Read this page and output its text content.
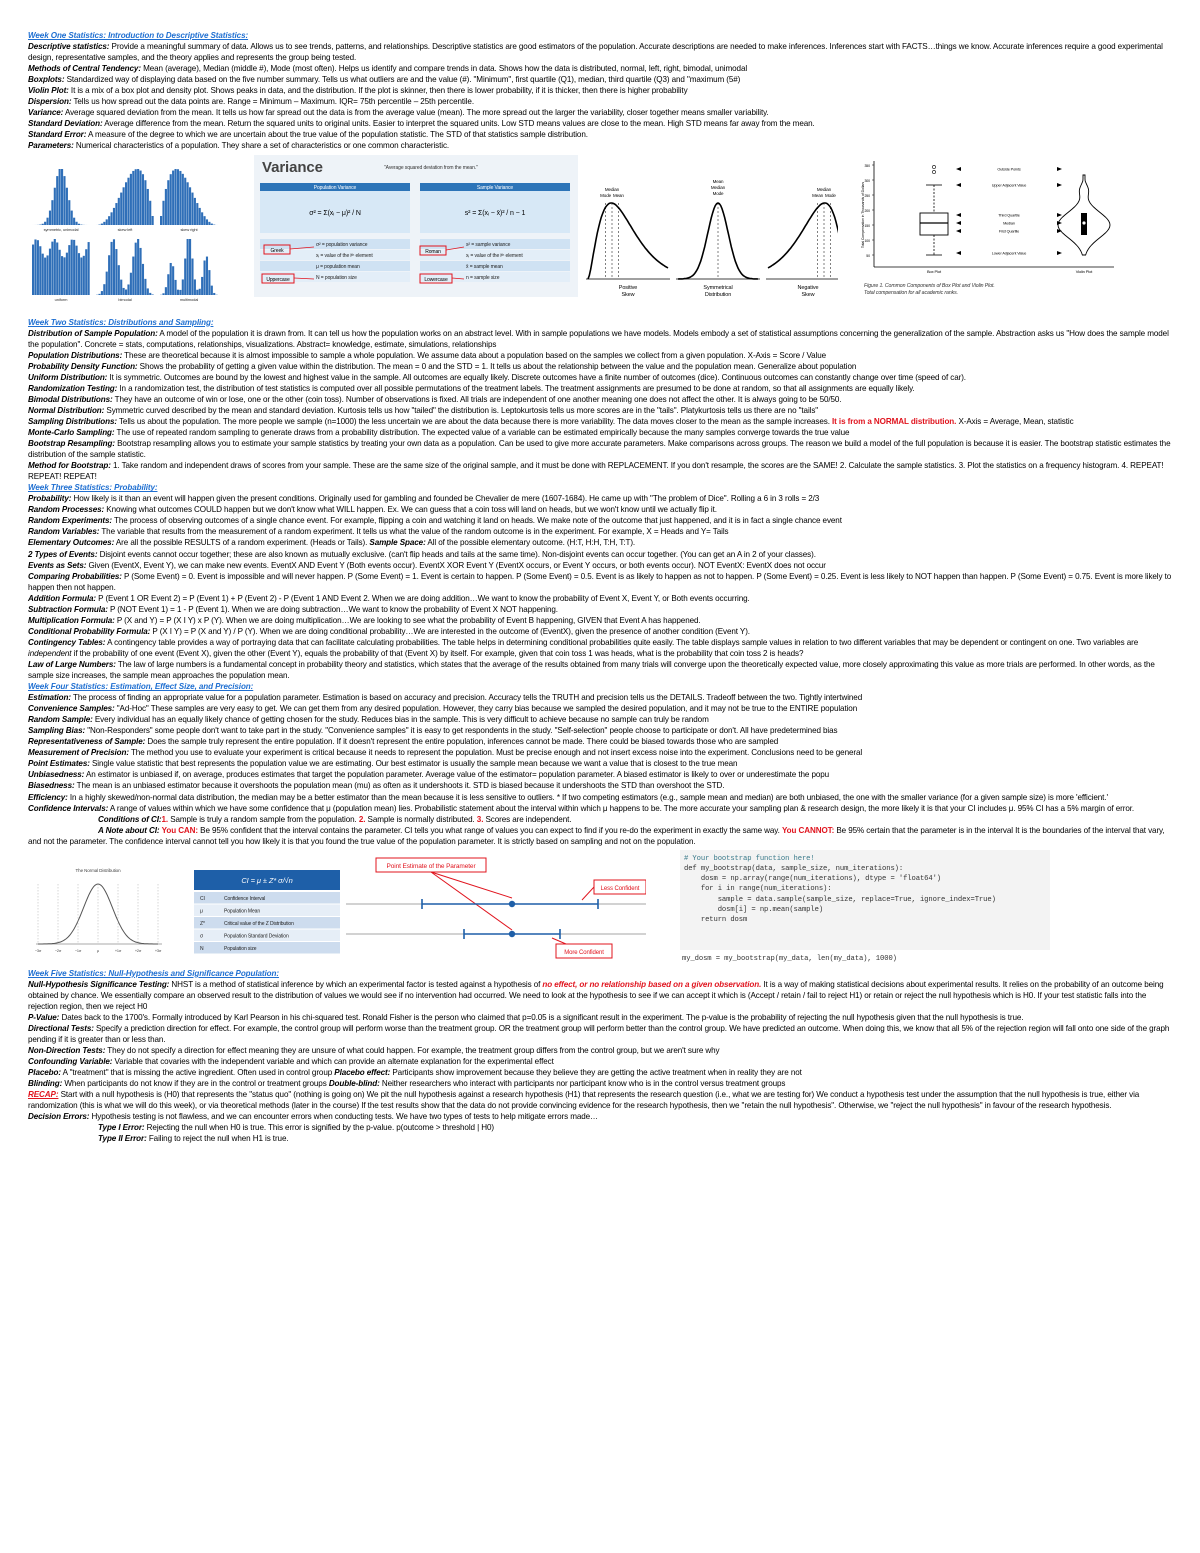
Week One Statistics: Introduction to Descriptive Statistics:
Descriptive statistics: Provide a meaningful summary of data. Allows us to see trends, patterns, and relationships. Descriptive statistics are good estimators of the population. Accurate descriptions are needed to make inferences. Inferences start with FACTS…things we know. Accurate inferences require a good experimental design, representative samples, and the theory applies and represents the group being tested.
Methods of Central Tendency: Mean (average), Median (middle #), Mode (most often). Helps us identify and compare trends in data. Shows how the data is distributed, normal, left, right, bimodal, unimodal
Boxplots: Standardized way of displaying data based on the five number summary. Tells us what outliers are and the value (#). "Minimum", first quartile (Q1), median, third quartile (Q3) and "maximum (5#)
Violin Plot: It is a mix of a box plot and density plot. Shows peaks in data, and the distribution. If the plot is skinner, then there is lower probability, if it is thicker, then there is higher probability
Dispersion: Tells us how spread out the data points are. Range = Minimum – Maximum. IQR= 75th percentile – 25th percentile.
Variance: Average squared deviation from the mean. It tells us how far spread out the data is from the average value (mean). The more spread out the larger the variability, closer together means smaller variability.
Standard Deviation: Average difference from the mean. Return the squared units to original units. Easier to interpret the squared units. Low STD means values are close to the mean. High STD means far away from the mean.
Standard Error: A measure of the degree to which we are uncertain about the true value of the population statistic. The STD of that statistics sample distribution.
Parameters: Numerical characteristics of a population. They share a set of characteristics or one common characteristic.
symmetric, unimodal	skew left	skew right
uniform	bimodal	multimodal
Variance	"Average squared deviation from the mean."
Population Variance	Sample Variance
σ² = Σ(xᵢ − μ)² / N	s² = Σ(xᵢ − x̄)² / n − 1
σ² = population variance	s² = sample variance
xᵢ = value of the iᵗʰ element	xᵢ = value of the iᵗʰ element
μ = population mean	x̄ = sample mean
N = population size	n = sample size
Greek
Uppercase
Roman
Lowercase
Positive
Skew
Mode
Median
Mean
Symmetrical
Distribution
Mean
Median
Mode
Negative
Skew
Mean
Median
Mode	Total Compensation in Thousands of Dollars
350
300
250
200
150
100
50
Outside Points
Upper Adjacent Value
Third Quartile
Median
First Quartile
Lower Adjacent Value
Box Plot	Violin Plot
Figure 1. Common Components of Box Plot and Violin Plot.
Total compensation for all academic ranks.
Week Two Statistics: Distributions and Sampling:
Distribution of Sample Population: A model of the population it is drawn from. It can tell us how the population works on an abstract level. With in sample populations we have models. Models embody a set of statistical assumptions concerning the generalization of the sample. Abstraction asks us "How does the sample model the population". Concrete = stats, computations, relationships, visualizations. Abstract= knowledge, estimate, simulations, relationships
Population Distributions: These are theoretical because it is almost impossible to sample a whole population. We assume data about a population based on the samples we collect from a given population. X-Axis = Score / Value
Probability Density Function: Shows the probability of getting a given value within the distribution. The mean = 0 and the STD = 1. It tells us about the relationship between the value and the population mean. Generalize about population
Uniform Distribution: It is symmetric. Outcomes are bound by the lowest and highest value in the sample. All outcomes are equally likely. Discrete outcomes have a finite number of outcomes (dice). Continuous outcomes can constantly change over time (speed of car).
Randomization Testing: In a randomization test, the distribution of test statistics is computed over all possible permutations of the treatment labels. The treatment assignments are presumed to be done at random, so that all assignments are equally likely.
Bimodal Distributions: They have an outcome of win or lose, one or the other (coin toss). Number of observations is fixed. All trials are independent of one another meaning one does not affect the other. It is always going to be 50/50.
Normal Distribution: Symmetric curved described by the mean and standard deviation. Kurtosis tells us how "tailed" the distribution is. Leptokurtosis tells us more scores are in the "tails". Platykurtosis tells us there are no "tails"
Sampling Distributions: Tells us about the population. The more people we sample (n=1000) the less uncertain we are about the data because there is more variability. The data moves closer to the mean as the sample increases. It is from a NORMAL distribution. X-Axis = Average, Mean, statistic
Monte-Carlo Sampling: The use of repeated random sampling to generate draws from a probability distribution. The expected value of a variable can be estimated empirically because the many samples converge towards the true value
Bootstrap Resampling: Bootstrap resampling allows you to estimate your sample statistics by treating your own data as a population. Can be used to give more accurate parameters. Make comparisons across groups. The reason we build a model of the full population is because it is easier. The bootstrap statistic estimates the distribution of the sample statistic.
Method for Bootstrap: 1. Take random and independent draws of scores from your sample. These are the same size of the original sample, and it must be done with REPLACEMENT. If you don't resample, the scores are the SAME! 2. Calculate the sample statistics. 3. Plot the statistics on a frequency histogram. 4. REPEAT! REPEAT! REPEAT!
Week Three Statistics: Probability:
Probability: How likely is it than an event will happen given the present conditions. Originally used for gambling and founded be Chevalier de mere (1607-1684). He came up with "The problem of Dice". Rolling a 6 in 3 rolls = 2/3
Random Processes: Knowing what outcomes COULD happen but we don't know what WILL happen. Ex. We can guess that a coin toss will land on heads, but we won't know until we actually flip it.
Random Experiments: The process of observing outcomes of a single chance event. For example, flipping a coin and watching it land on heads. We make note of the outcome that just happened, and it is in fact a single chance event
Random Variables: The variable that results from the measurement of a random experiment. It tells us what the value of the random outcome is in the experiment. For example, X = Heads and Y= Tails
Elementary Outcomes: Are all the possible RESULTS of a random experiment. (Heads or Tails). Sample Space: All of the possible elementary outcome. (H:T, H:H, T:H, T:T).
2 Types of Events: Disjoint events cannot occur together; these are also known as mutually exclusive. (can't flip heads and tails at the same time). Non-disjoint events can occur together. (You can get an A in 2 of your classes).
Events as Sets: Given (EventX, Event Y), we can make new events. EventX AND Event Y (Both events occur). EventX XOR Event Y (EventX occurs, or Event Y occurs, or both events occur). NOT EventX: EventX does not occur
Comparing Probabilities: P (Some Event) = 0. Event is impossible and will never happen. P (Some Event) = 1. Event is certain to happen. P (Some Event) = 0.5. Event is as likely to happen as not to happen. P (Some Event) = 0.25. Event is less likely to NOT happen than happen. P (Some Event) = 0.75. Event is more likely to happen then not happen.
Addition Formula: P (Event 1 OR Event 2) = P (Event 1) + P (Event 2) - P (Event 1 AND Event 2. When we are doing addition…We want to know the probability of Event X, Event Y, or Both events occurring.
Subtraction Formula: P (NOT Event 1) = 1 - P (Event 1). When we are doing subtraction…We want to know the probability of Event X NOT happening.
Multiplication Formula: P (X and Y) = P (X I Y) x P (Y). When we are doing multiplication…We are looking to see what the probability of Event B happening, GIVEN that Event A has happened.
Conditional Probability Formula: P (X I Y) = P (X and Y) / P (Y). When we are doing conditional probability…We are interested in the outcome of (EventX), given the presence of another condition (Event Y).
Contingency Tables: A contingency table provides a way of portraying data that can facilitate calculating probabilities. The table helps in determining conditional probabilities quite easily. The table displays sample values in relation to two different variables that may be dependent or contingent on one. Two variables are independent if the probability of one event (Event X), given the other (Event Y), equals the probability of that (Event X) by itself. For example, given that coin toss 1 was heads, what is the probability that coin toss 2 is heads?
Law of Large Numbers: The law of large numbers is a fundamental concept in probability theory and statistics, which states that the average of the results obtained from many trials will converge upon the theoretically expected value, more closely approximating this value as more trials are performed. In other words, as the sample size increases, the sample mean approaches the population mean.
Week Four Statistics: Estimation, Effect Size, and Precision:
Estimation: The process of finding an appropriate value for a population parameter. Estimation is based on accuracy and precision. Accuracy tells the TRUTH and precision tells us the DETAILS. Tradeoff between the two. Tightly intertwined
Convenience Samples: "Ad-Hoc" These samples are very easy to get. We can get them from any desired population. However, they carry bias because we sampled the desired population, and it may not be true to the ENTIRE population
Random Sample: Every individual has an equally likely chance of getting chosen for the study. Reduces bias in the sample. This is very difficult to achieve because no sample can truly be random
Sampling Bias: "Non-Responders" some people don't want to take part in the study. "Convenience samples" it is easy to get respondents in the study. "Self-selection" people choose to participate or don't. All have predetermined bias
Representativeness of Sample: Does the sample truly represent the entire population. If it doesn't represent the entire population, inferences cannot be made. There could be biased towards those who are sampled
Measurement of Precision: The method you use to evaluate your experiment is critical because it needs to represent the population. Must be precise enough and not insert excess noise into the experiment. Conclusions need to be general
Point Estimates: Single value statistic that best represents the population value we are estimating. Our best estimator is usually the sample mean because we want a value that is closest to the true mean
Unbiasedness: An estimator is unbiased if, on average, produces estimates that target the population parameter. Average value of the estimator= population parameter. A biased estimator is likely to over or underestimate the popu
Biasedness: The mean is an unbiased estimator because it overshoots the population mean (mu) as often as it undershoots it. STD is biased because it undershoots the STD than overshoot the STD.
Efficiency: In a highly skewed/non-normal data distribution, the median may be a better estimator than the mean because it is less sensitive to outliers. * If two competing estimators (e.g., sample mean and median) are both unbiased, the one with the smaller variance (for a given sample size) is more 'efficient.'
Confidence Intervals: A range of values within which we have some confidence that μ (population mean) lies. Probabilistic statement about the interval within which μ happens to be. The more accurate your sampling plan & research design, the more likely it is that your CI includes μ. 95% CI has a 5% margin of error.
Conditions of CI:1. Sample is truly a random sample from the population. 2. Sample is normally distributed. 3. Scores are independent.
A Note about CI: You CAN: Be 95% confident that the interval contains the parameter. CI tells you what range of values you can expect to find if you re-do the experiment in exactly the same way. You CANNOT: Be 95% certain that the parameter is in the interval It is the boundaries of the interval that vary, and not the parameter. The confidence interval cannot tell you how likely it is that you found the true value of the population parameter. It is strictly based on sampling and not on the population.
The Normal Distribution
−3σ	−2σ	−1σ	μ	+1σ	+2σ	+3σ
CI = μ ± Z* σ/√n
CI	Confidence Interval
μ	Population Mean
Z*	Critical value of the Z Distribution
σ	Population Standard Deviation
N	Population size
Point Estimate of the Parameter
Less Confident
More Confident
# Your bootstrap function here!
def my_bootstrap(data, sample_size, num_iterations):
dosm = np.array(range(num_iterations), dtype = 'float64')
for i in range(num_iterations):
sample = data.sample(sample_size, replace=True, ignore_index=True)
dosm[i] = np.mean(sample)
return dosm
my_dosm = my_bootstrap(my_data, len(my_data), 1000)
Week Five Statistics: Null-Hypothesis and Significance Population:
Null-Hypothesis Significance Testing: NHST is a method of statistical inference by which an experimental factor is tested against a hypothesis of no effect, or no relationship based on a given observation. It is a way of making statistical decisions about experimental results. It relies on the probability of an outcome being obtained by chance. We essentially compare an observed result to the distribution of values we would see if no intervention had occurred. We need to look at the hypothesis to see if we can accept it which is (Accept / retain / fail to reject H1) or retain or reject the null hypothesis which is H0. If your test statistic falls into the rejection region, then we reject H0
P-Value: Dates back to the 1700's. Formally introduced by Karl Pearson in his chi-squared test. Ronald Fisher is the person who claimed that p=0.05 is a significant result in the experiment. The p-value is the probability of rejecting the null hypothesis given that the null hypothesis is true.
Directional Tests: Specify a prediction direction for effect. For example, the control group will perform worse than the treatment group. OR the treatment group will perform better than the control group. We have predicted an outcome. When doing this, we know that all 5% of the rejection region will fall onto one side of the graph pending if it is greater than or less than.
Non-Direction Tests: They do not specify a direction for effect meaning they are unsure of what could happen. For example, the treatment group differs from the control group, but we aren't sure why
Confounding Variable: Variable that covaries with the independent variable and which can provide an alternate explanation for the experimental effect
Placebo: A "treatment" that is missing the active ingredient. Often used in control group Placebo effect: Participants show improvement because they believe they are getting the active treatment when in reality they are not
Blinding: When participants do not know if they are in the control or treatment groups Double-blind: Neither researchers who interact with participants nor participant know who is in the control versus treatment groups
RECAP: Start with a null hypothesis is (H0) that represents the "status quo" (nothing is going on) We pit the null hypothesis against a research hypothesis (H1) that represents the research question (i.e., what we are testing for) We conduct a hypothesis test under the assumption that the null hypothesis is true, either via randomization (this is what we will do this week), or via theoretical methods (later in the course) If the test results show that the data do not provide convincing evidence for the research hypothesis, then we "retain the null hypothesis". Otherwise, we "reject the null hypothesis" in favour of the research hypothesis.
Decision Errors: Hypothesis testing is not flawless, and we can encounter errors when conducting tests. We have two types of tests to help mitigate errors made…
Type I Error: Rejecting the null when H0 is true. This error is signified by the p-value. p(outcome > threshold | H0)
Type II Error: Failing to reject the null when H1 is true.
